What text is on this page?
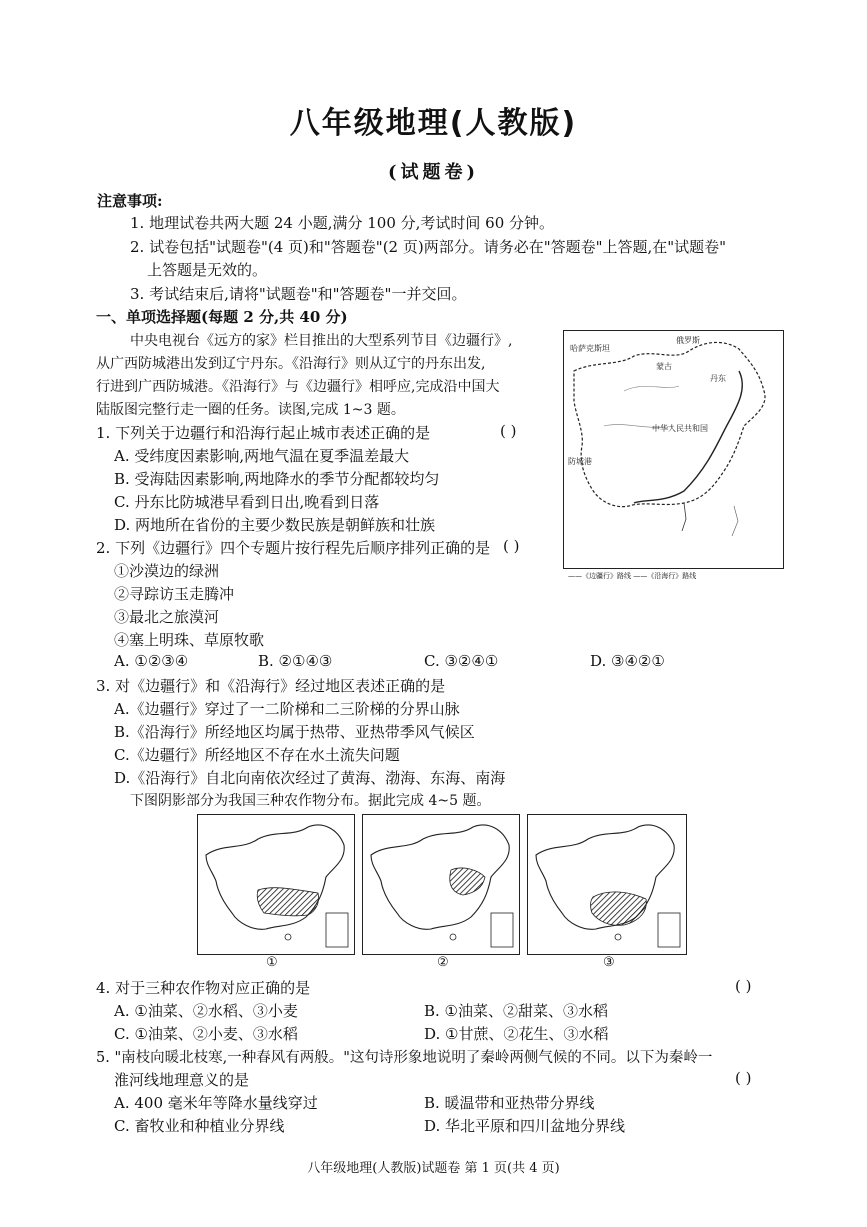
八年级地理(人教版)
(试题卷)
注意事项:
1. 地理试卷共两大题 24 小题,满分 100 分,考试时间 60 分钟。
2. 试卷包括"试题卷"(4 页)和"答题卷"(2 页)两部分。请务必在"答题卷"上答题,在"试题卷"
上答题是无效的。
3. 考试结束后,请将"试题卷"和"答题卷"一并交回。
一、单项选择题(每题 2 分,共 40 分)
中央电视台《远方的家》栏目推出的大型系列节目《边疆行》,
从广西防城港出发到辽宁丹东。《沿海行》则从辽宁的丹东出发,
行进到广西防城港。《沿海行》与《边疆行》相呼应,完成沿中国大
陆版图完整行走一圈的任务。读图,完成 1~3 题。
哈萨克斯坦
俄罗斯
蒙古
丹东
中华人民共和国
防城港
——《边疆行》路线 ——《沿海行》路线
1. 下列关于边疆行和沿海行起止城市表述正确的是	( )
A. 受纬度因素影响,两地气温在夏季温差最大
B. 受海陆因素影响,两地降水的季节分配都较均匀
C. 丹东比防城港早看到日出,晚看到日落
D. 两地所在省份的主要少数民族是朝鲜族和壮族
2. 下列《边疆行》四个专题片按行程先后顺序排列正确的是 ( )
①沙漠边的绿洲
②寻踪访玉走腾冲
③最北之旅漠河
④塞上明珠、草原牧歌
A. ①②③④	B. ②①④③	C. ③②④①	D. ③④②①
3. 对《边疆行》和《沿海行》经过地区表述正确的是
A.《边疆行》穿过了一二阶梯和二三阶梯的分界山脉
B.《沿海行》所经地区均属于热带、亚热带季风气候区
C.《边疆行》所经地区不存在水土流失问题
D.《沿海行》自北向南依次经过了黄海、渤海、东海、南海
下图阴影部分为我国三种农作物分布。据此完成 4~5 题。
①	②	③
4. 对于三种农作物对应正确的是	( )
A. ①油菜、②水稻、③小麦	B. ①油菜、②甜菜、③水稻
C. ①油菜、②小麦、③水稻	D. ①甘蔗、②花生、③水稻
5. "南枝向暖北枝寒,一种春风有两般。"这句诗形象地说明了秦岭两侧气候的不同。以下为秦岭一
淮河线地理意义的是	( )
A. 400 毫米年等降水量线穿过	B. 暖温带和亚热带分界线
C. 畜牧业和种植业分界线	D. 华北平原和四川盆地分界线
八年级地理(人教版)试题卷 第 1 页(共 4 页)
